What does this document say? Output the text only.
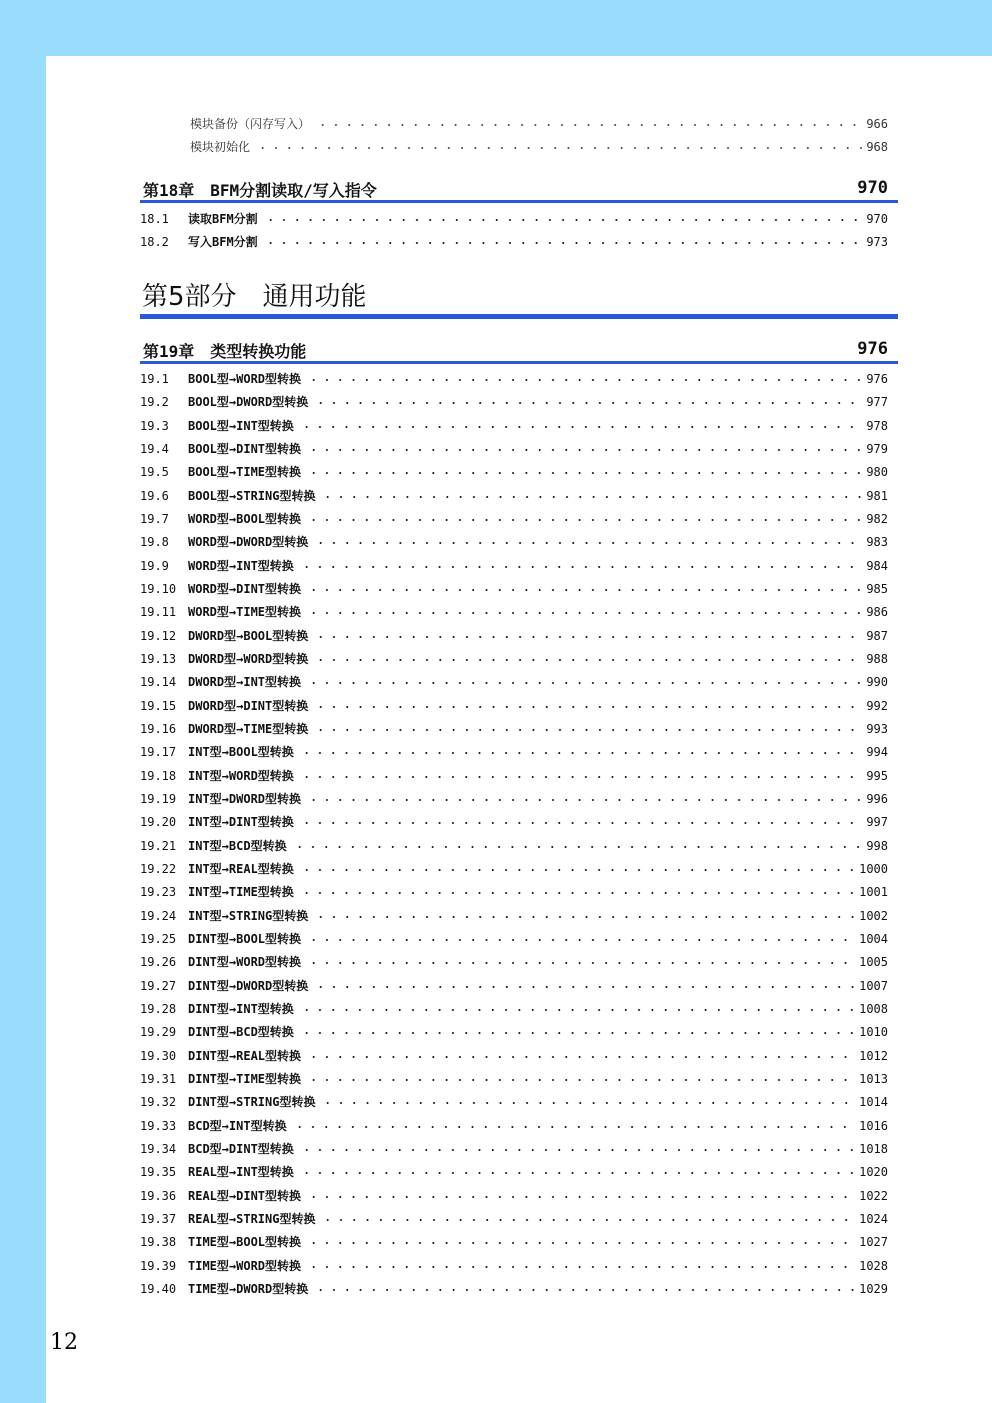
模块备份（闪存写入）	966
模块初始化	968
第18章　BFM分割读取/写入指令	970
18.1 读取BFM分割	970
18.2 写入BFM分割	973
第5部分　通用功能
第19章　类型转换功能	976
19.1 BOOL型→WORD型转换	976
19.2 BOOL型→DWORD型转换	977
19.3 BOOL型→INT型转换	978
19.4 BOOL型→DINT型转换	979
19.5 BOOL型→TIME型转换	980
19.6 BOOL型→STRING型转换	981
19.7 WORD型→BOOL型转换	982
19.8 WORD型→DWORD型转换	983
19.9 WORD型→INT型转换	984
19.10 WORD型→DINT型转换	985
19.11 WORD型→TIME型转换	986
19.12 DWORD型→BOOL型转换	987
19.13 DWORD型→WORD型转换	988
19.14 DWORD型→INT型转换	990
19.15 DWORD型→DINT型转换	992
19.16 DWORD型→TIME型转换	993
19.17 INT型→BOOL型转换	994
19.18 INT型→WORD型转换	995
19.19 INT型→DWORD型转换	996
19.20 INT型→DINT型转换	997
19.21 INT型→BCD型转换	998
19.22 INT型→REAL型转换	1000
19.23 INT型→TIME型转换	1001
19.24 INT型→STRING型转换	1002
19.25 DINT型→BOOL型转换	1004
19.26 DINT型→WORD型转换	1005
19.27 DINT型→DWORD型转换	1007
19.28 DINT型→INT型转换	1008
19.29 DINT型→BCD型转换	1010
19.30 DINT型→REAL型转换	1012
19.31 DINT型→TIME型转换	1013
19.32 DINT型→STRING型转换	1014
19.33 BCD型→INT型转换	1016
19.34 BCD型→DINT型转换	1018
19.35 REAL型→INT型转换	1020
19.36 REAL型→DINT型转换	1022
19.37 REAL型→STRING型转换	1024
19.38 TIME型→BOOL型转换	1027
19.39 TIME型→WORD型转换	1028
19.40 TIME型→DWORD型转换	1029
12
